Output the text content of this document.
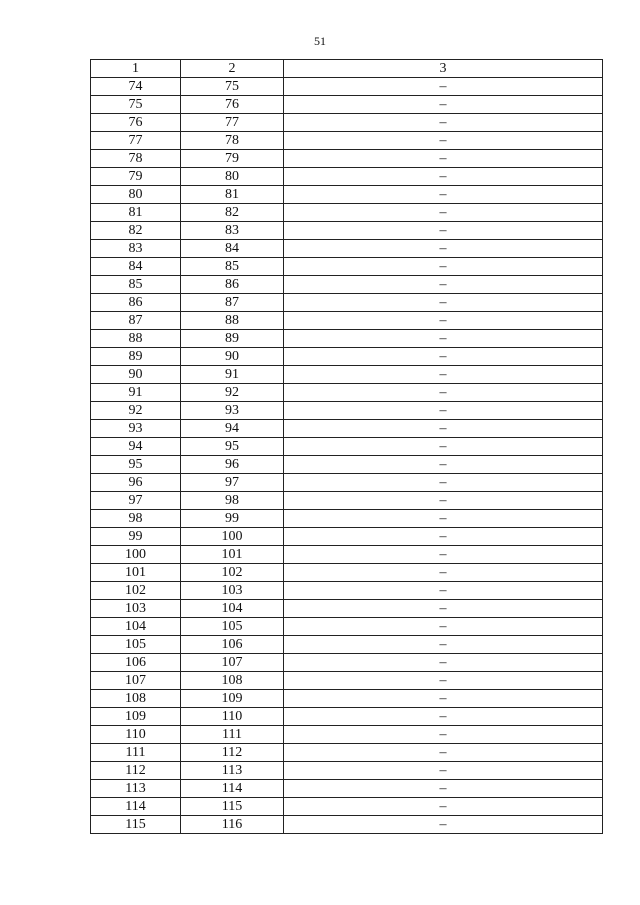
51
1	2	3
74	75	–
75	76	–
76	77	–
77	78	–
78	79	–
79	80	–
80	81	–
81	82	–
82	83	–
83	84	–
84	85	–
85	86	–
86	87	–
87	88	–
88	89	–
89	90	–
90	91	–
91	92	–
92	93	–
93	94	–
94	95	–
95	96	–
96	97	–
97	98	–
98	99	–
99	100	–
100	101	–
101	102	–
102	103	–
103	104	–
104	105	–
105	106	–
106	107	–
107	108	–
108	109	–
109	110	–
110	111	–
111	112	–
112	113	–
113	114	–
114	115	–
115	116	–
